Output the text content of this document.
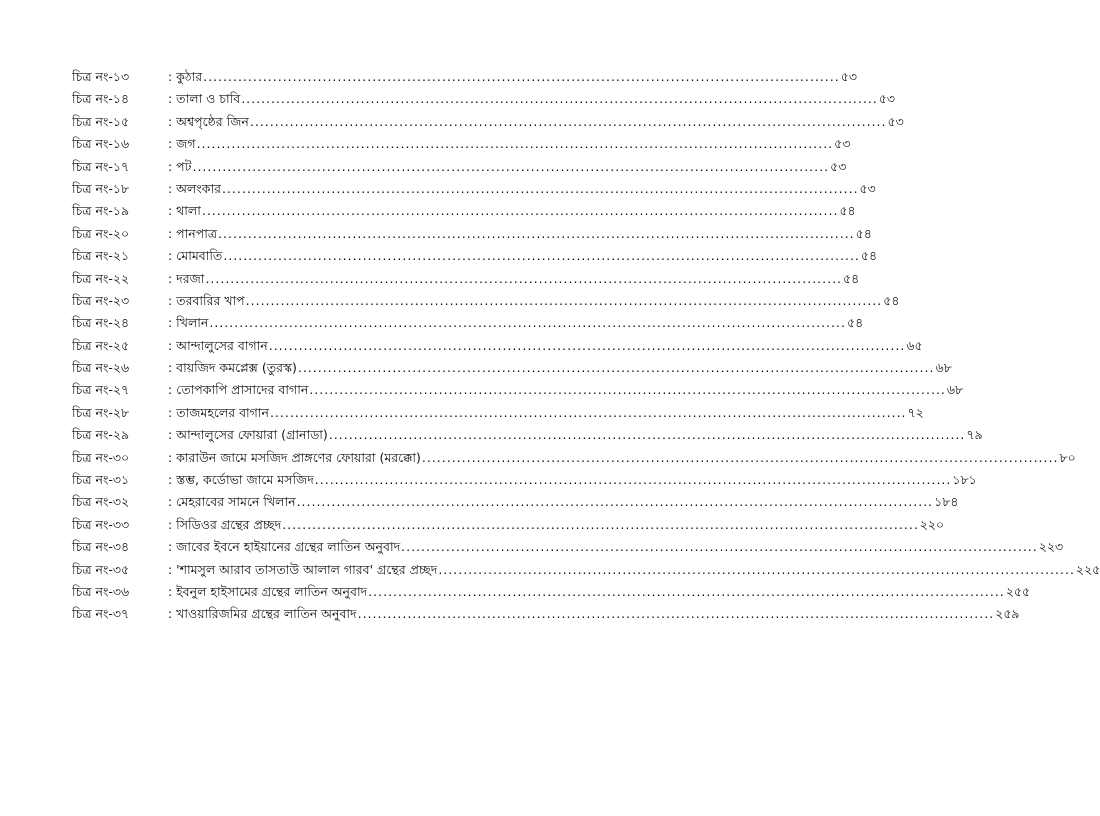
চিত্র নং-১৩	: কুঠার .....	৫৩
চিত্র নং-১৪	: তালা ও চাবি .....	৫৩
চিত্র নং-১৫	: অশ্বপৃষ্ঠের জিন .....	৫৩
চিত্র নং-১৬	: জগ .....	৫৩
চিত্র নং-১৭	: পট .....	৫৩
চিত্র নং-১৮	: অলংকার .....	৫৩
চিত্র নং-১৯	: থালা .....	৫৪
চিত্র নং-২০	: পানপাত্র .....	৫৪
চিত্র নং-২১	: মোমবাতি .....	৫৪
চিত্র নং-২২	: দরজা .....	৫৪
চিত্র নং-২৩	: তরবারির খাপ .....	৫৪
চিত্র নং-২৪	: খিলান .....	৫৪
চিত্র নং-২৫	: আন্দালুসের বাগান .....	৬৫
চিত্র নং-২৬	: বায়জিদ কমপ্লেক্স (তুরস্ক) .....	৬৮
চিত্র নং-২৭	: তোপকাপি প্রাসাদের বাগান .....	৬৮
চিত্র নং-২৮	: তাজমহলের বাগান .....	৭২
চিত্র নং-২৯	: আন্দালুসের ফোয়ারা (গ্রানাডা) .....	৭৯
চিত্র নং-৩০	: কারাউন জামে মসজিদ প্রাঙ্গণের ফোয়ারা (মরক্কো) .....	৮০
চিত্র নং-৩১	: স্তম্ভ, কর্ডোভা জামে মসজিদ .....	১৮১
চিত্র নং-৩২	: মেহরাবের সামনে খিলান .....	১৮৪
চিত্র নং-৩৩	: সিডিওর গ্রন্থের প্রচ্ছদ .....	২২০
চিত্র নং-৩৪	: জাবের ইবনে হাইয়ানের গ্রন্থের লাতিন অনুবাদ .....	২২৩
চিত্র নং-৩৫	: 'শামসুল আরাব তাসতাউ আলাল গারব' গ্রন্থের প্রচ্ছদ .....	২২৫
চিত্র নং-৩৬	: ইবনুল হাইসামের গ্রন্থের লাতিন অনুবাদ .....	২৫৫
চিত্র নং-৩৭	: খাওয়ারিজমির গ্রন্থের লাতিন অনুবাদ .....	২৫৯
